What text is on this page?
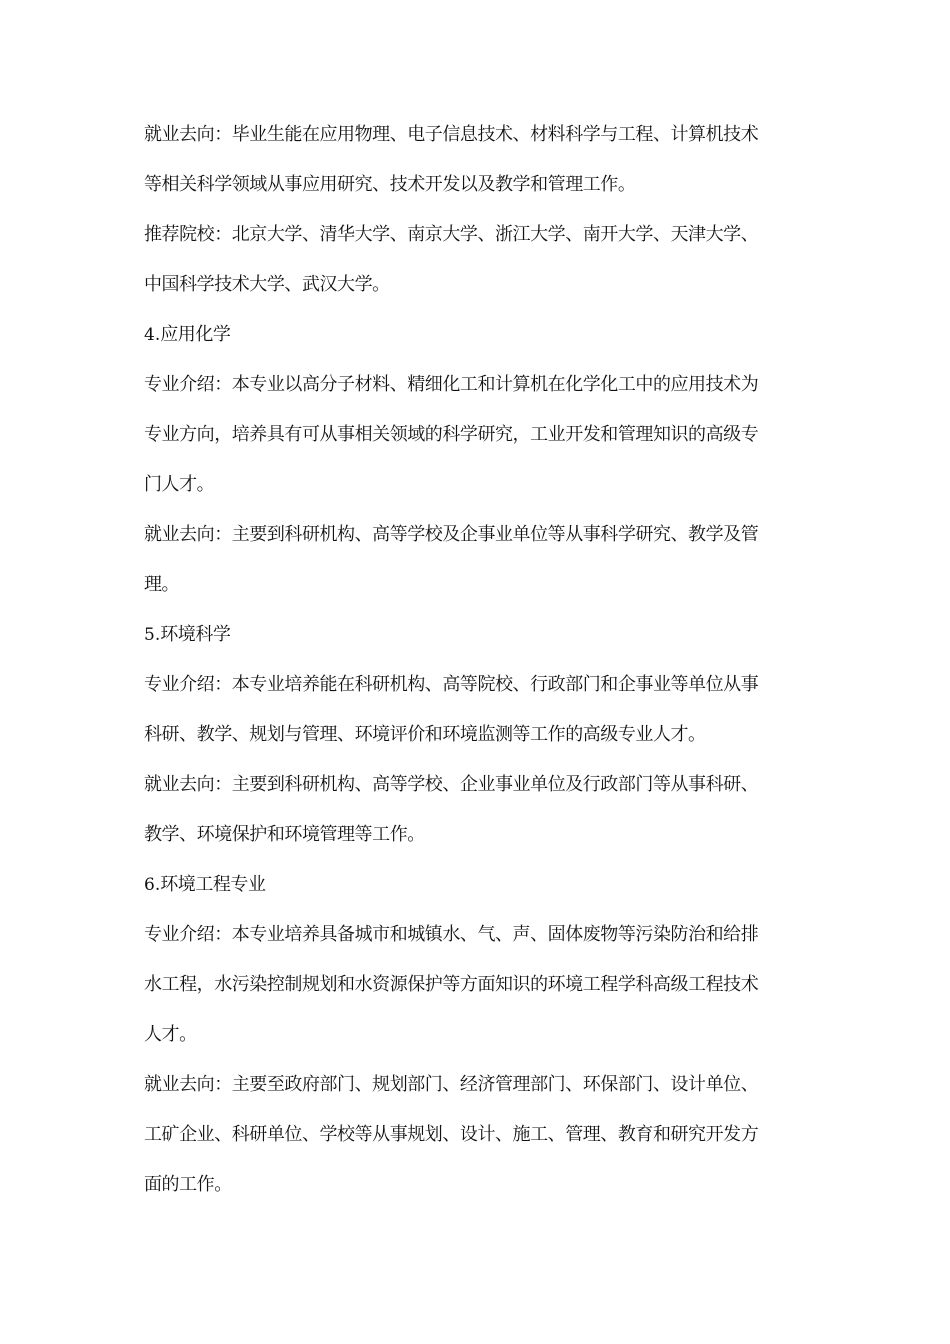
就业去向：毕业生能在应用物理、电子信息技术、材料科学与工程、计算机技术
等相关科学领域从事应用研究、技术开发以及教学和管理工作。
推荐院校：北京大学、清华大学、南京大学、浙江大学、南开大学、天津大学、
中国科学技术大学、武汉大学。
4.应用化学
专业介绍：本专业以高分子材料、精细化工和计算机在化学化工中的应用技术为
专业方向，培养具有可从事相关领域的科学研究，工业开发和管理知识的高级专
门人才。
就业去向：主要到科研机构、高等学校及企事业单位等从事科学研究、教学及管
理。
5.环境科学
专业介绍：本专业培养能在科研机构、高等院校、行政部门和企事业等单位从事
科研、教学、规划与管理、环境评价和环境监测等工作的高级专业人才。
就业去向：主要到科研机构、高等学校、企业事业单位及行政部门等从事科研、
教学、环境保护和环境管理等工作。
6.环境工程专业
专业介绍：本专业培养具备城市和城镇水、气、声、固体废物等污染防治和给排
水工程，水污染控制规划和水资源保护等方面知识的环境工程学科高级工程技术
人才。
就业去向：主要至政府部门、规划部门、经济管理部门、环保部门、设计单位、
工矿企业、科研单位、学校等从事规划、设计、施工、管理、教育和研究开发方
面的工作。
